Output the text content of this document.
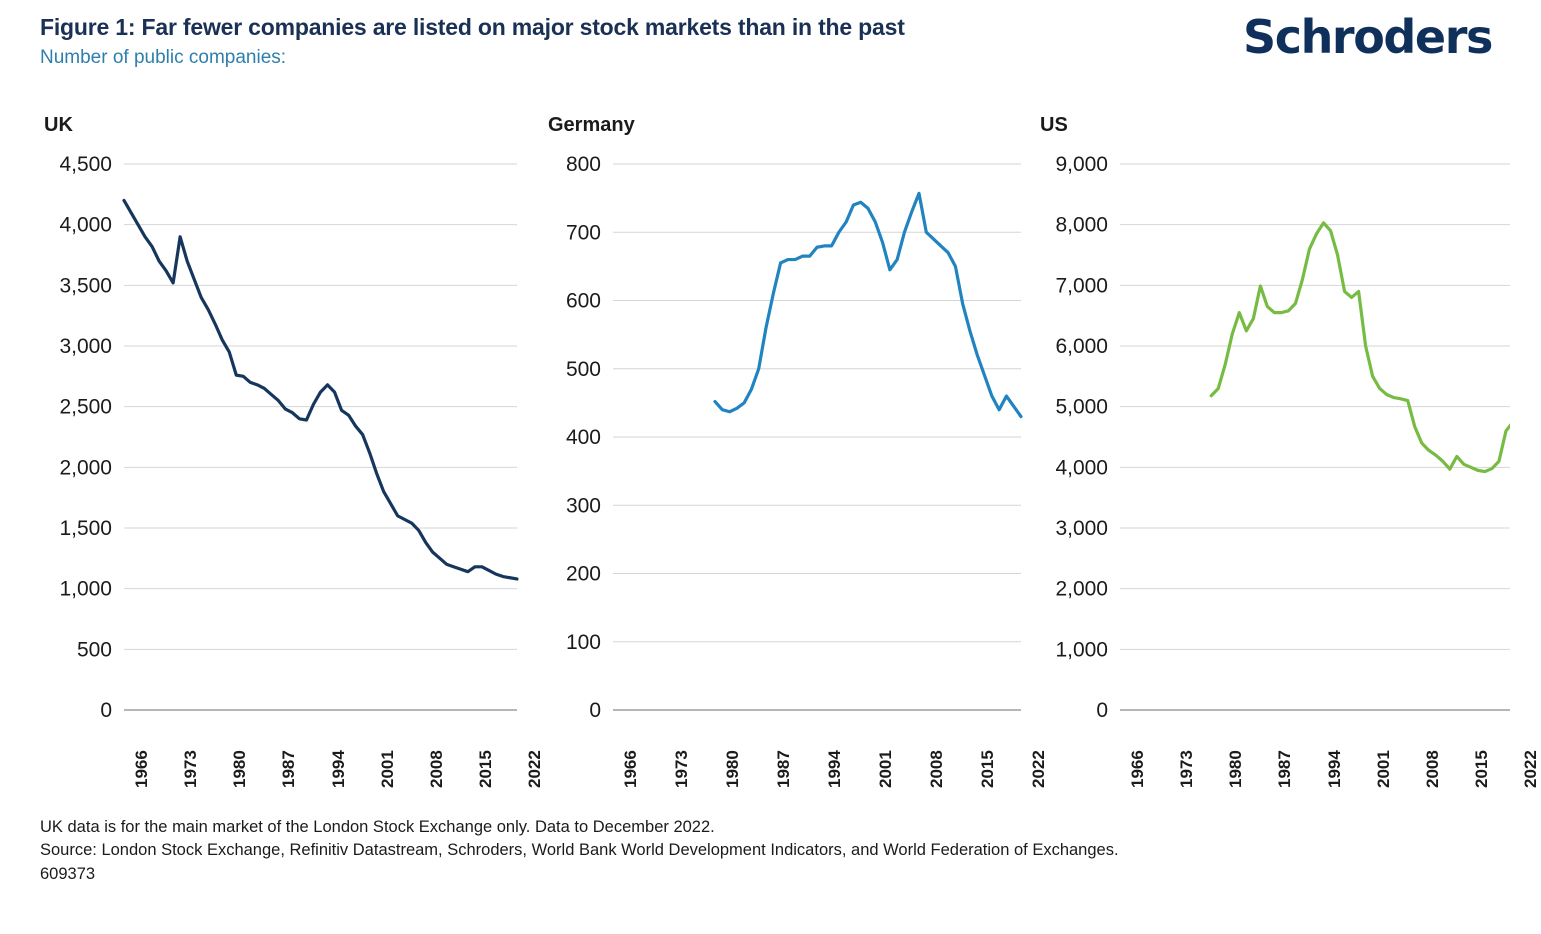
Figure 1: Far fewer companies are listed on major stock markets than in the past
Number of public companies:	Schroders
UK
0
500
1,000
1,500
2,000
2,500
3,000
3,500
4,000
4,500
1966 1973 1980 1987 1994 2001 2008 2015 2022
Germany
0
100
200
300
400
500
600
700
800
1966 1973 1980 1987 1994 2001 2008 2015 2022
US
0
1,000
2,000
3,000
4,000
5,000
6,000
7,000
8,000
9,000
1966 1973 1980 1987 1994 2001 2008 2015 2022
UK data is for the main market of the London Stock Exchange only. Data to December 2022.
Source: London Stock Exchange, Refinitiv Datastream, Schroders, World Bank World Development Indicators, and World Federation of Exchanges.
609373
